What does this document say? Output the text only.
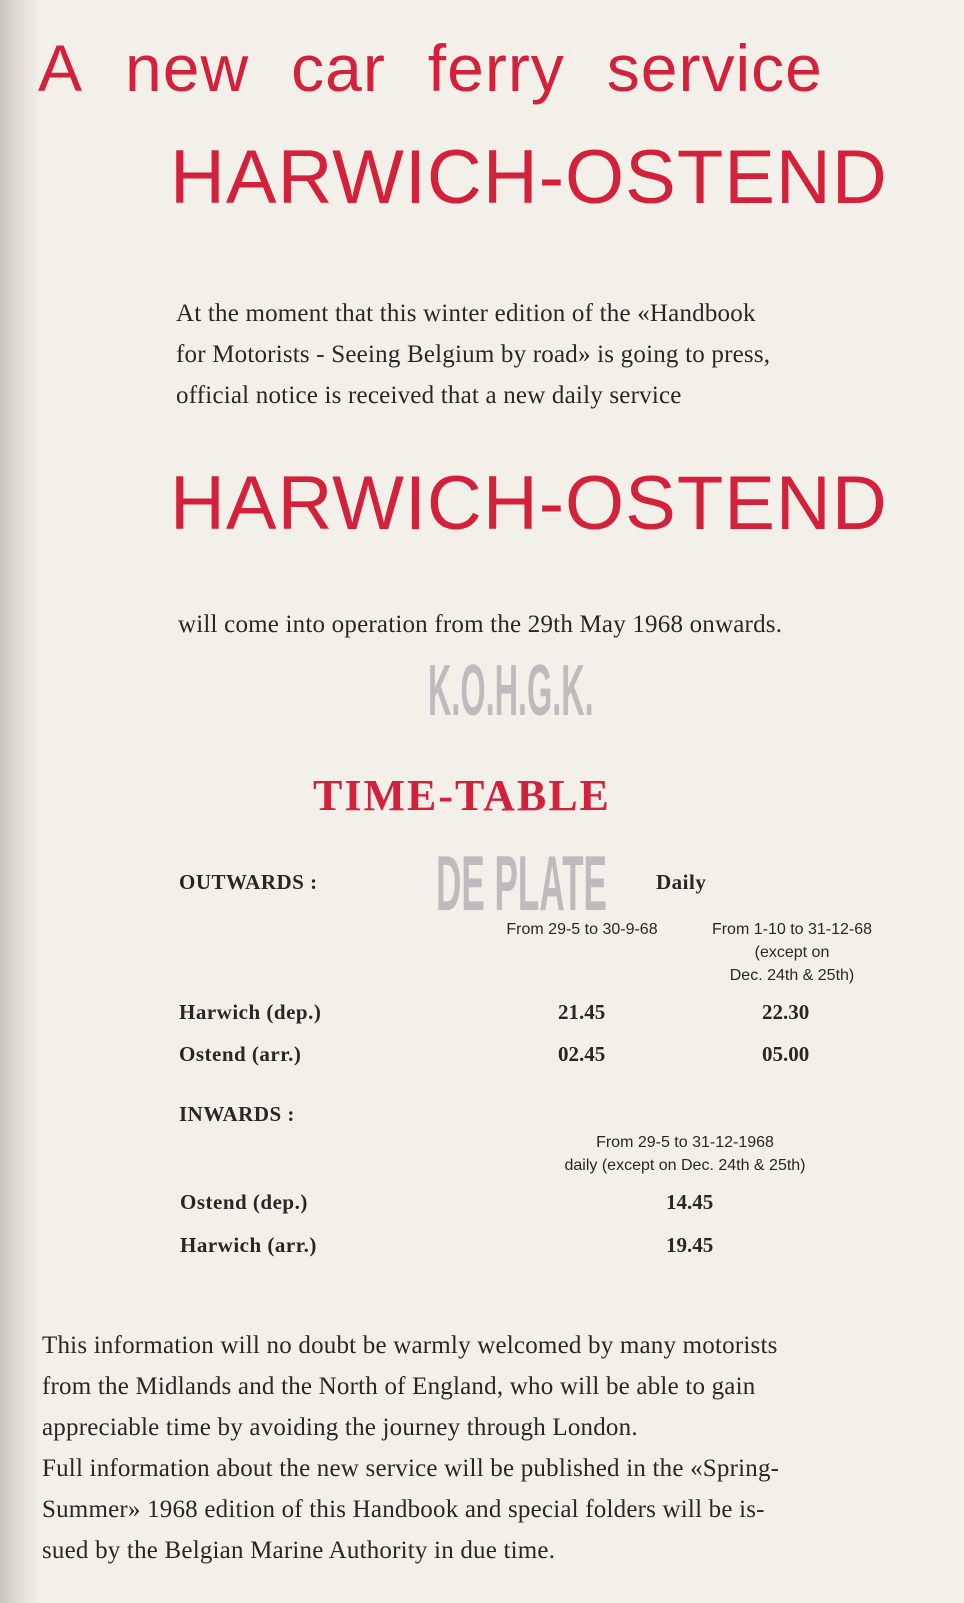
A new car ferry service
HARWICH-OSTEND
At the moment that this winter edition of the «Handbook
for Motorists - Seeing Belgium by road» is going to press,
official notice is received that a new daily service
HARWICH-OSTEND
will come into operation from the 29th May 1968 onwards.
K.O.H.G.K.
DE PLATE
TIME-TABLE
OUTWARDS :	Daily
From 29-5 to 30-9-68	From 1-10 to 31-12-68
(except on
Dec. 24th & 25th)
Harwich (dep.)	21.45	22.30
Ostend (arr.)	02.45	05.00
INWARDS :
From 29-5 to 31-12-1968
daily (except on Dec. 24th & 25th)
Ostend (dep.)	14.45
Harwich (arr.)	19.45
This information will no doubt be warmly welcomed by many motorists
from the Midlands and the North of England, who will be able to gain
appreciable time by avoiding the journey through London.
Full information about the new service will be published in the «Spring-
Summer» 1968 edition of this Handbook and special folders will be is-
sued by the Belgian Marine Authority in due time.
